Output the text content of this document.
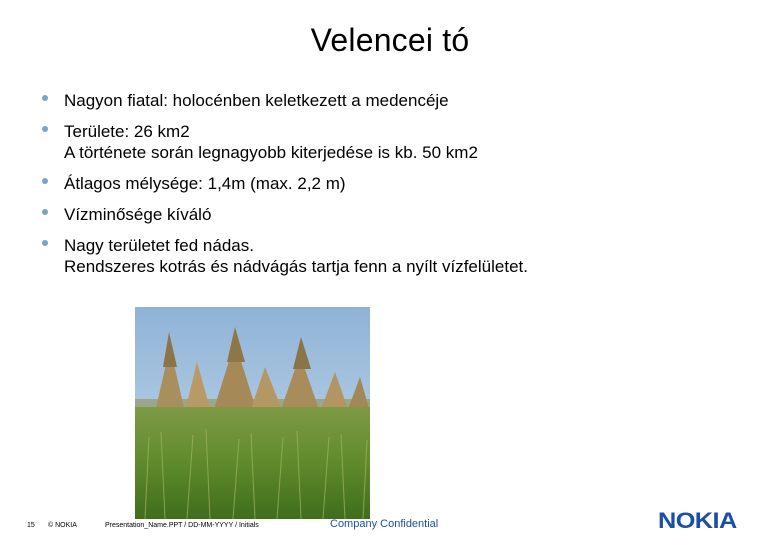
Velencei tó
Nagyon fiatal: holocénben keletkezett a medencéje
Területe: 26 km2
A története során legnagyobb kiterjedése is kb. 50 km2
Átlagos mélysége: 1,4m (max. 2,2 m)
Vízminősége kíváló
Nagy területet fed nádas.
Rendszeres kotrás és nádvágás tartja fenn a nyílt vízfelületet.
15 © NOKIA	Presentation_Name.PPT / DD-MM-YYYY / Initials	Company Confidential	NOKIA
